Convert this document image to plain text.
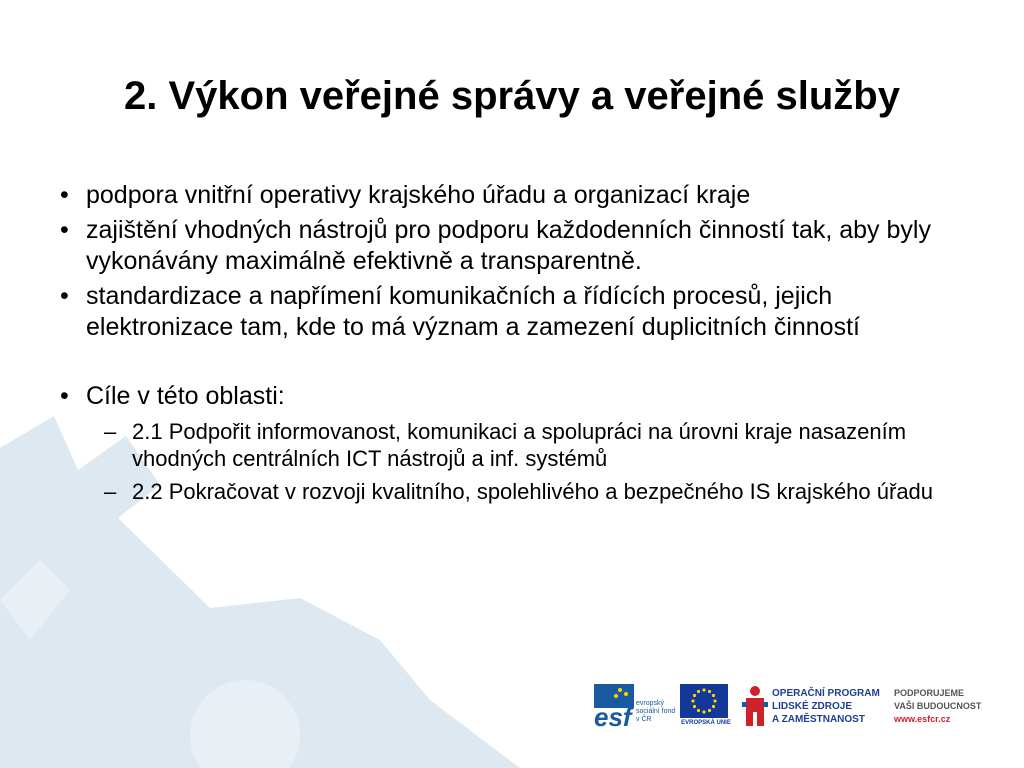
2. Výkon veřejné správy a veřejné služby
• podpora vnitřní operativy krajského úřadu a organizací kraje
• zajištění vhodných nástrojů pro podporu každodenních činností tak, aby byly vykonávány maximálně efektivně a transparentně.
• standardizace a napřímení komunikačních a řídících procesů, jejich elektronizace tam, kde to má význam a zamezení duplicitních činností
• Cíle v této oblasti:
– 2.1 Podpořit informovanost, komunikaci a spolupráci na úrovni kraje nasazením vhodných centrálních ICT nástrojů a inf. systémů
– 2.2 Pokračovat v rozvoji kvalitního, spolehlivého a bezpečného IS krajského úřadu
esf evropský sociální fond v ČR	EVROPSKÁ UNIE
OPERAČNÍ PROGRAM
LIDSKÉ ZDROJE
A ZAMĚSTNANOST
PODPORUJEME
VAŠI BUDOUCNOST
www.esfcr.cz
